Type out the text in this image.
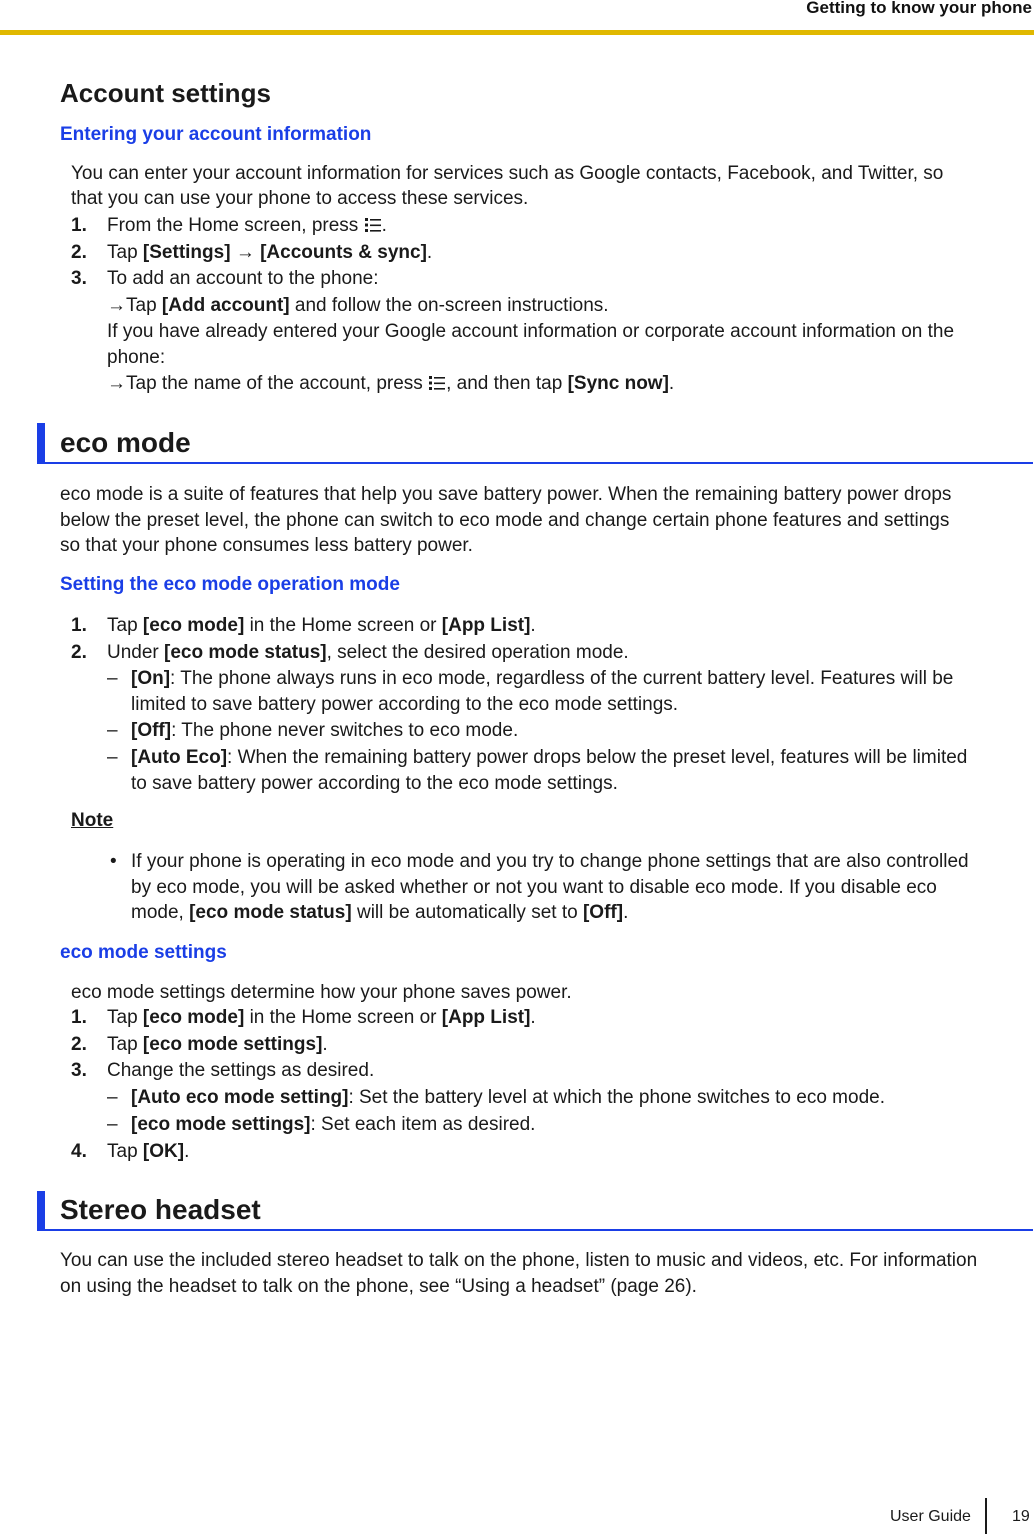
Getting to know your phone
Account settings
Entering your account information
You can enter your account information for services such as Google contacts, Facebook, and Twitter, so
that you can use your phone to access these services.
1. From the Home screen, press .
2. Tap [Settings] → [Accounts & sync].
3. To add an account to the phone:
→Tap [Add account] and follow the on-screen instructions.
If you have already entered your Google account information or corporate account information on the
phone:
→Tap the name of the account, press , and then tap [Sync now].
eco mode
eco mode is a suite of features that help you save battery power. When the remaining battery power drops
below the preset level, the phone can switch to eco mode and change certain phone features and settings
so that your phone consumes less battery power.
Setting the eco mode operation mode
1. Tap [eco mode] in the Home screen or [App List].
2. Under [eco mode status], select the desired operation mode.
– [On]: The phone always runs in eco mode, regardless of the current battery level. Features will be
limited to save battery power according to the eco mode settings.
– [Off]: The phone never switches to eco mode.
– [Auto Eco]: When the remaining battery power drops below the preset level, features will be limited
to save battery power according to the eco mode settings.
Note
• If your phone is operating in eco mode and you try to change phone settings that are also controlled
by eco mode, you will be asked whether or not you want to disable eco mode. If you disable eco
mode, [eco mode status] will be automatically set to [Off].
eco mode settings
eco mode settings determine how your phone saves power.
1. Tap [eco mode] in the Home screen or [App List].
2. Tap [eco mode settings].
3. Change the settings as desired.
– [Auto eco mode setting]: Set the battery level at which the phone switches to eco mode.
– [eco mode settings]: Set each item as desired.
4. Tap [OK].
Stereo headset
You can use the included stereo headset to talk on the phone, listen to music and videos, etc. For information
on using the headset to talk on the phone, see “Using a headset” (page 26).
User Guide	19
